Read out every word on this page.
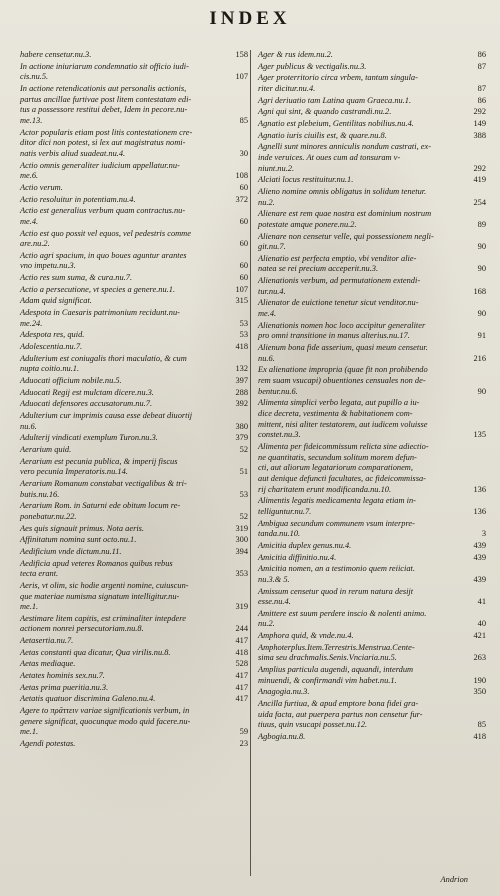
INDEX
habere censetur.nu.3.	158
In actione iniuriarum condemnatio sit officio iudi-
cis.nu.5.	107
In actione retendicationis aut personalis actionis,
partus ancillae furtivae post litem contestatam edi-
tus a possessore restitui debet, Idem in pecore.nu-
me.13.	85
Actor popularis etiam post litis contestationem cre-
ditor dici non potest, si lex aut magistratus nomi-
natis verbis aliud suadeat.nu.4.	30
Actio omnis generaliter iudicium appellatur.nu-
me.6.	108
Actio verum.	60
Actio resoluitur in potentiam.nu.4.	372
Actio est generalius verbum quam contractus.nu-
me.4.	60
Actio est quo possit vel equos, vel pedestris comme
are.nu.2.	60
Actio agri spacium, in quo boues aguntur arantes
vno impetu.nu.3.	60
Actio res sum suma, & cura.nu.7.	60
Actio a persecutione, vt species a genere.nu.1.	107
Adam quid significat.	315
Adespota in Caesaris patrimonium recidunt.nu-
me.24.	53
Adespota res, quid.	53
Adolescentia.nu.7.	418
Adulterium est coniugalis thori maculatio, & cum
nupta coitio.nu.1.	132
Aduocati officium nobile.nu.5.	397
Aduocati Regij est mulctam dicere.nu.3.	288
Aduocati defensores accusatorum.nu.7.	392
Adulterium cur imprimis causa esse debeat diuortij
nu.6.	380
Adulterij vindicati exemplum Turon.nu.3.	379
Aerarium quid.	52
Aerarium est pecunia publica, & imperij fiscus
vero pecunia Imperatoris.nu.14.	51
Aerarium Romanum constabat vectigalibus & tri-
butis.nu.16.	53
Aerarium Rom. in Saturni ede obitum locum re-
ponebatur.nu.22.	52
Aes quis signauit primus. Nota aeris.	319
Affinitatum nomina sunt octo.nu.1.	300
Aedificium vnde dictum.nu.11.	394
Aedificia apud veteres Romanos quibus rebus
tecta erant.	353
Aeris, vt olim, sic hodie argenti nomine, cuiuscun-
que materiae numisma signatum intelligitur.nu-
me.1.	319
Aestimare litem capitis, est criminaliter intepdere
actionem nonrei persecutoriam.nu.8.	244
Aetasertia.nu.7.	417
Aetas constanti qua dicatur, Qua virilis.nu.8.	418
Aetas mediaque.	528
Aetates hominis sex.nu.7.	417
Aetas prima pueritia.nu.3.	417
Aetatis quatuor discrimina Galeno.nu.4.	417
Agere to πρᾶττειν variae significationis verbum, in
genere significat, quocunque modo quid facere.nu-
me.1.	59
Agendi potestas.	23
Ager & rus idem.nu.2.	86
Ager publicus & vectigalis.nu.3.	87
Ager proterritorio circa vrbem, tantum singula-
riter dicitur.nu.4.	87
Agri deriuatio tam Latina quam Graeca.nu.1.	86
Agni qui sint, & quando castrandi.nu.2.	292
Agnatio est plebeium, Gentilitas nobilius.nu.4.	149
Agnatio iuris ciuilis est, & quare.nu.8.	388
Agnelli sunt minores anniculis nondum castrati, ex-
inde veruices. At oues cum ad tonsuram v-
niunt.nu.2.	292
Alciati locus restituitur.nu.1.	419
Alieno nomine omnis obligatus in solidum tenetur.
nu.2.	254
Alienare est rem quae nostra est dominium nostrum
potestate amque ponere.nu.2.	89
Alienare non censetur velle, qui possessionem negli-
git.nu.7.	90
Alienatio est perfecta emptio, vbi venditor alie-
natea se rei precium acceperit.nu.3.	90
Alienationis verbum, ad permutationem extendi-
tur.nu.4.	168
Alienator de euictione tenetur sicut venditor.nu-
me.4.	90
Alienationis nomen hoc loco accipitur generaliter
pro omni transitione in manus alterius.nu.17.	91
Alienum bona fide asserium, quasi meum censetur.
nu.6.	216
Ex alienatione impropria (quae fit non prohibendo
rem suam vsucapi) obuentiones censuales non de-
bentur.nu.6.	90
Alimenta simplici verbo legata, aut pupillo a iu-
dice decreta, vestimenta & habitationem com-
mittent, nisi aliter testatorem, aut iudicem voluisse
constet.nu.3.	135
Alimenta per fideicommissum relicta sine adiectio-
ne quantitatis, secundum solitum morem defun-
cti, aut aliorum legatariorum comparationem,
aut denique defuncti facultates, ac fideicommissa-
rij charitatem erunt modificanda.nu.10.	136
Alimentis legatis medicamenta legata etiam in-
telliguntur.nu.7.	136
Ambigua secundum communem vsum interpre-
tanda.nu.10.	3
Amicitia duplex genus.nu.4.	439
Amicitia diffinitio.nu.4.	439
Amicitia nomen, an a testimonio quem reiiciat.
nu.3.& 5.	439
Amissum censetur quod in rerum natura desijt
esse.nu.4.	41
Amittere est suum perdere inscio & nolenti animo.
nu.2.	40
Amphora quid, & vnde.nu.4.	421
Amphoterplus.Item.Terrestris.Menstrua.Cente-
sima seu drachmalis.Senis.Vnciaria.nu.5.	263
Amplius particula augendi, aquandi, interdum
minuendi, & confirmandi vim habet.nu.1.	190
Anagogia.nu.3.	350
Ancilla furtiua, & apud emptore bona fidei gra-
uida facta, aut puerpera partus non censetur fur-
tiuus, quin vsucapi posset.nu.12.	85
Agbogia.nu.8.	418
Andrion
